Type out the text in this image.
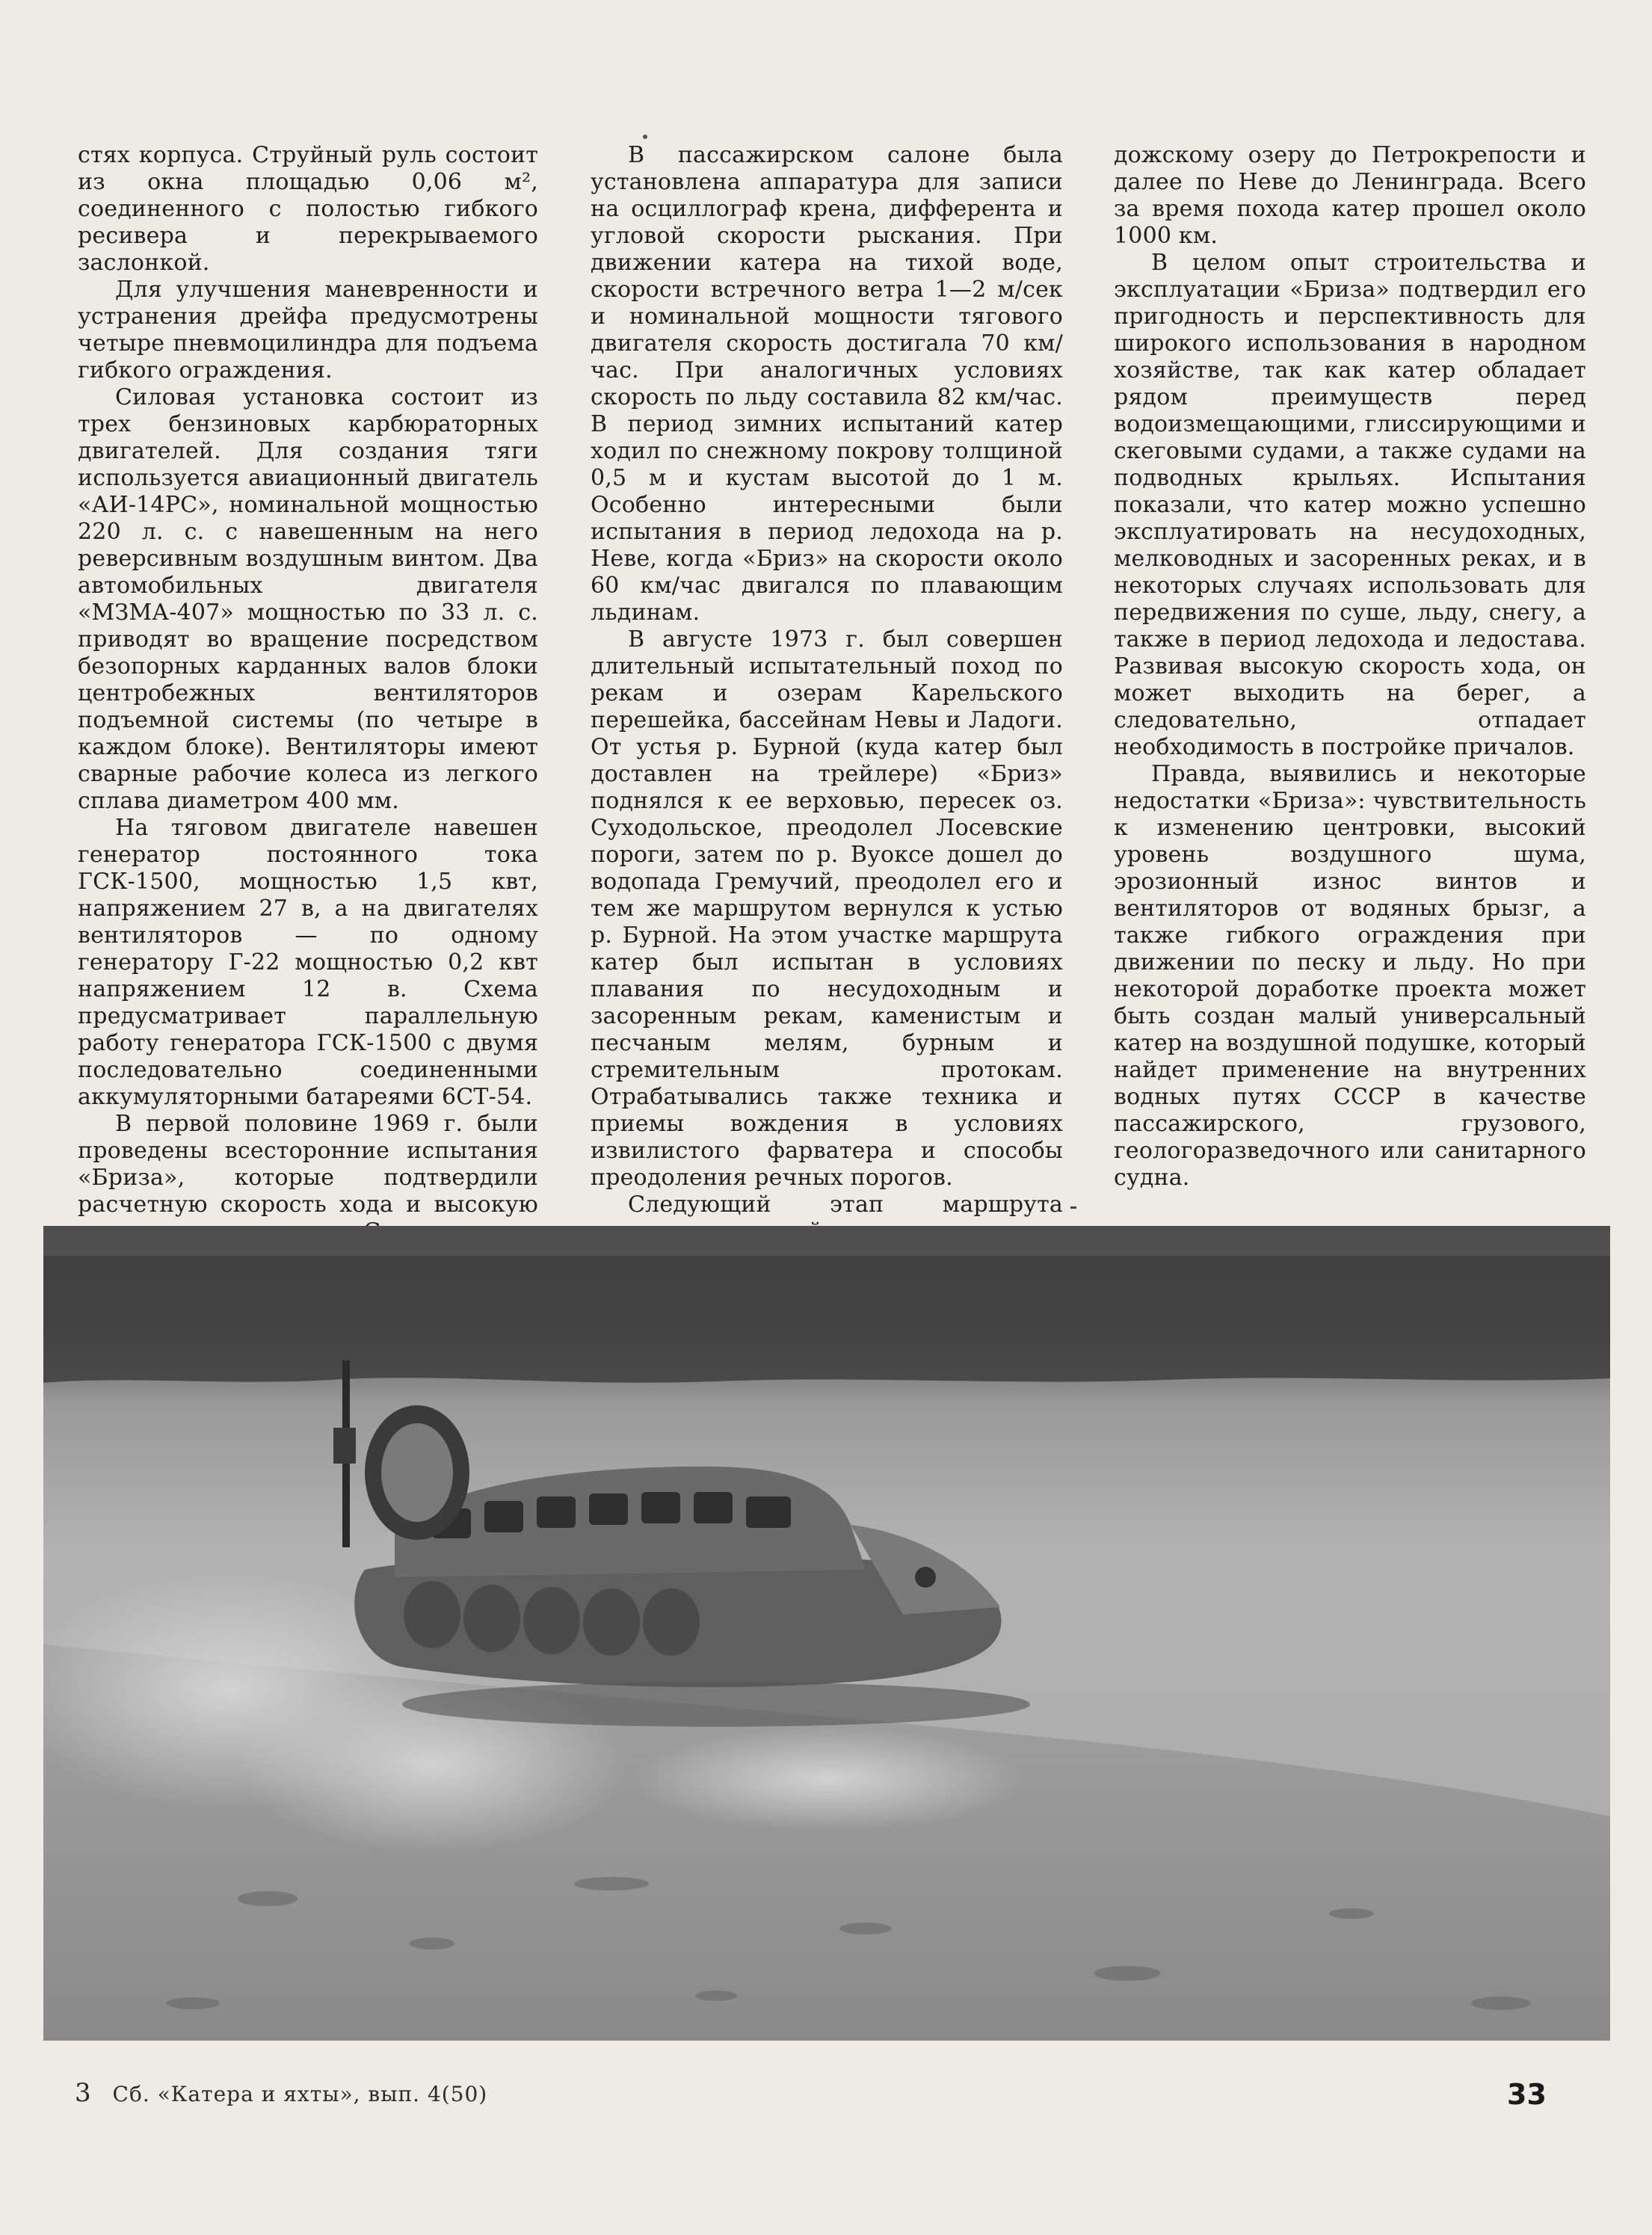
стях корпуса. Струйный руль состоит из окна площадью 0,06 м², соединенного с полостью гибкого ресивера и перекрываемого заслонкой.

Для улучшения маневренности и устранения дрейфа предусмотрены четыре пневмоцилиндра для подъема гибкого ограждения.

Силовая установка состоит из трех бензиновых карбюраторных двигателей. Для создания тяги используется авиационный двигатель «АИ-14РС», номинальной мощностью 220 л. с. с навешенным на него реверсивным воздушным винтом. Два автомобильных двигателя «МЗМА-407» мощностью по 33 л. с. приводят во вращение посредством безопорных карданных валов блоки центробежных вентиляторов подъемной системы (по четыре в каждом блоке). Вентиляторы имеют сварные рабочие колеса из легкого сплава диаметром 400 мм.

На тяговом двигателе навешен генератор постоянного тока ГСК-1500, мощностью 1,5 квт, напряжением 27 в, а на двигателях вентиляторов — по одному генератору Г-22 мощностью 0,2 квт напряжением 12 в. Схема предусматривает параллельную работу генератора ГСК-1500 с двумя последовательно соединенными аккумуляторными батареями 6СТ-54.

В первой половине 1969 г. были проведены всесторонние испытания «Бриза», которые подтвердили расчетную скорость хода и высокую

В пассажирском салоне была установлена аппаратура для записи на осциллограф крена, дифферента и угловой скорости рыскания. При движении катера на тихой воде, скорости встречного ветра 1—2 м/сек и номинальной мощности тягового двигателя скорость достигала 70 км/час. При аналогичных условиях скорость по льду составила 82 км/час. В период зимних испытаний катер ходил по снежному покрову толщиной 0,5 м и кустам высотой до 1 м. Особенно интересными были испытания в период ледохода на р. Неве, когда «Бриз» на скорости около 60 км/час двигался по плавающим льдинам.

В августе 1973 г. был совершен длительный испытательный поход по рекам и озерам Карельского перешейка, бассейнам Невы и Ладоги. От устья р. Бурной (куда катер был доставлен на трейлере) «Бриз» поднялся к ее верховью, пересек оз. Суходольское, преодолел Лосевские пороги, затем по р. Вуоксе дошел до водопада Гремучий, преодолел его и тем же маршрутом вернулся к устью р. Бурной. На этом участке маршрута катер был испытан в условиях плавания по несудоходным и засоренным рекам, каменистым и песчаным мелям, бурным и стремительным протокам. Отрабатывались также техника и приемы вождения в условиях извилистого фарватера и способы преодоления речных порогов.

Следующий этап маршрута

дожскому озеру до Петрокрепости и далее по Неве до Ленинграда. Всего за время похода катер прошел около 1000 км.

В целом опыт строительства и эксплуатации «Бриза» подтвердил его пригодность и перспективность для широкого использования в народном хозяйстве, так как катер обладает рядом преимуществ перед водоизмещающими, глиссирующими и скеговыми судами, а также судами на подводных крыльях. Испытания показали, что катер можно успешно эксплуатировать на несудоходных, мелководных и засоренных реках, и в некоторых случаях использовать для передвижения по суше, льду, снегу, а также в период ледохода и ледостава. Развивая высокую скорость хода, он может выходить на берег, а следовательно, отпадает необходимость в постройке причалов.

Правда, выявились и некоторые недостатки «Бриза»: чувствительность к изменению центровки, высокий уровень воздушного шума, эрозионный износ винтов и вентиляторов от водяных брызг, а также гибкого ограждения при движении по песку и льду. Но при некоторой доработке проекта может быть создан малый универсальный катер на воздушной подушке, который найдет применение на внутренних водных путях СССР в качестве пассажирского, грузового, геологоразведочного или санитарного судна.

3 Сб. «Катера и яхты», вып. 4(50)	33
